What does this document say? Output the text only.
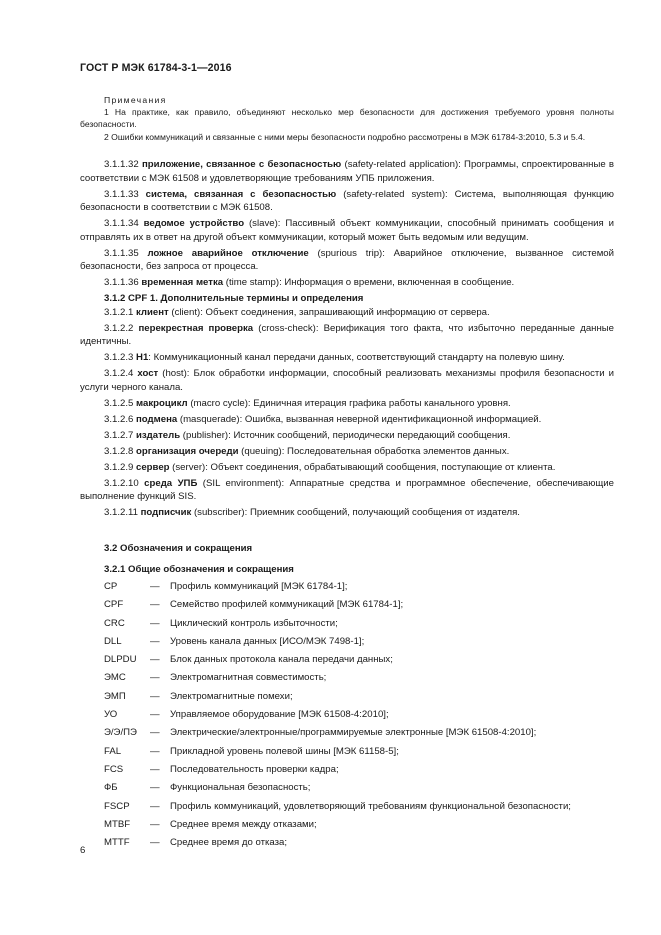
ГОСТ Р МЭК 61784-3-1—2016
Примечания
1 На практике, как правило, объединяют несколько мер безопасности для достижения требуемого уровня полноты безопасности.
2 Ошибки коммуникаций и связанные с ними меры безопасности подробно рассмотрены в МЭК 61784-3:2010, 5.3 и 5.4.
3.1.1.32 приложение, связанное с безопасностью (safety-related application): Программы, спроектированные в соответствии с МЭК 61508 и удовлетворяющие требованиям УПБ приложения.
3.1.1.33 система, связанная с безопасностью (safety-related system): Система, выполняющая функцию безопасности в соответствии с МЭК 61508.
3.1.1.34 ведомое устройство (slave): Пассивный объект коммуникации, способный принимать сообщения и отправлять их в ответ на другой объект коммуникации, который может быть ведомым или ведущим.
3.1.1.35 ложное аварийное отключение (spurious trip): Аварийное отключение, вызванное системой безопасности, без запроса от процесса.
3.1.1.36 временная метка (time stamp): Информация о времени, включенная в сообщение.
3.1.2 CPF 1. Дополнительные термины и определения
3.1.2.1 клиент (client): Объект соединения, запрашивающий информацию от сервера.
3.1.2.2 перекрестная проверка (cross-check): Верификация того факта, что избыточно переданные данные идентичны.
3.1.2.3 H1: Коммуникационный канал передачи данных, соответствующий стандарту на полевую шину.
3.1.2.4 хост (host): Блок обработки информации, способный реализовать механизмы профиля безопасности и услуги черного канала.
3.1.2.5 макроцикл (macro cycle): Единичная итерация графика работы канального уровня.
3.1.2.6 подмена (masquerade): Ошибка, вызванная неверной идентификационной информацией.
3.1.2.7 издатель (publisher): Источник сообщений, периодически передающий сообщения.
3.1.2.8 организация очереди (queuing): Последовательная обработка элементов данных.
3.1.2.9 сервер (server): Объект соединения, обрабатывающий сообщения, поступающие от клиента.
3.1.2.10 среда УПБ (SIL environment): Аппаратные средства и программное обеспечение, обеспечивающие выполнение функций SIS.
3.1.2.11 подписчик (subscriber): Приемник сообщений, получающий сообщения от издателя.
3.2 Обозначения и сокращения
3.2.1 Общие обозначения и сокращения
CP	—	Профиль коммуникаций [МЭК 61784-1];
CPF	—	Семейство профилей коммуникаций [МЭК 61784-1];
CRC	—	Циклический контроль избыточности;
DLL	—	Уровень канала данных [ИСО/МЭК 7498-1];
DLPDU	—	Блок данных протокола канала передачи данных;
ЭМС	—	Электромагнитная совместимость;
ЭМП	—	Электромагнитные помехи;
УО	—	Управляемое оборудование [МЭК 61508-4:2010];
Э/Э/ПЭ	—	Электрические/электронные/программируемые электронные [МЭК 61508-4:2010];
FAL	—	Прикладной уровень полевой шины [МЭК 61158-5];
FCS	—	Последовательность проверки кадра;
ФБ	—	Функциональная безопасность;
FSCP	—	Профиль коммуникаций, удовлетворяющий требованиям функциональной безопасности;
MTBF	—	Среднее время между отказами;
MTTF	—	Среднее время до отказа;
6
